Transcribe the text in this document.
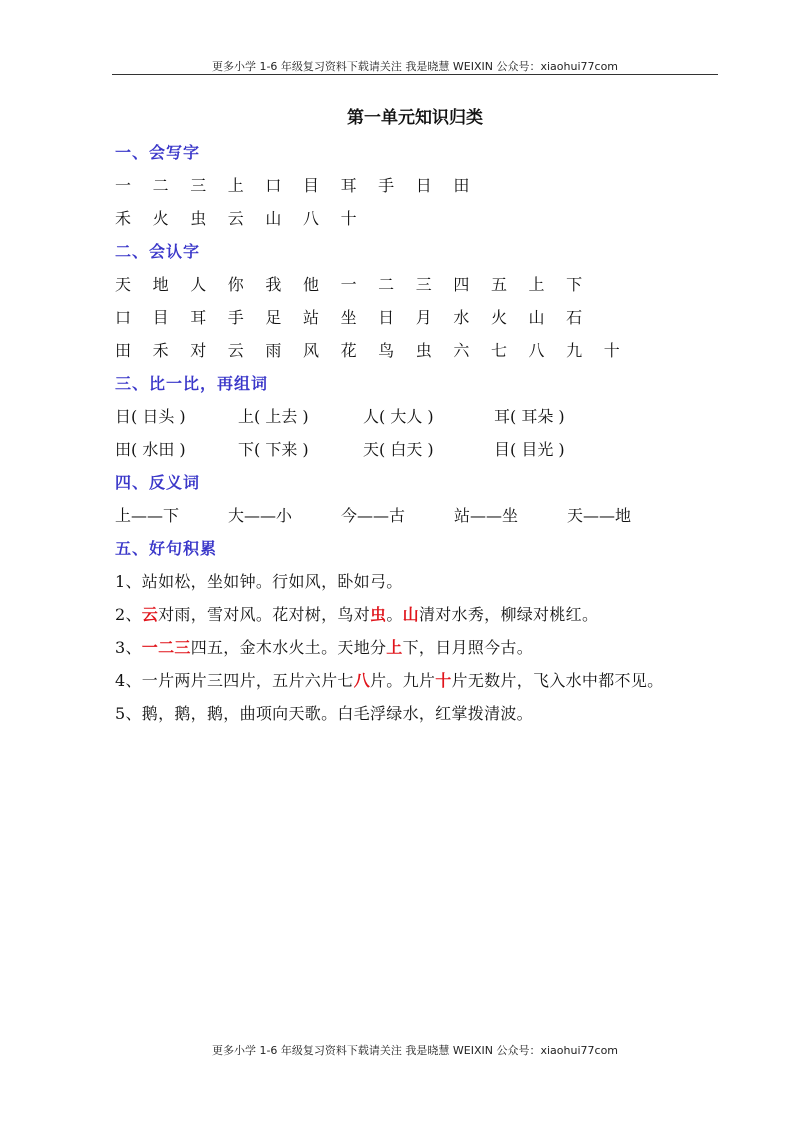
更多小学 1-6 年级复习资料下载请关注 我是晓慧 WEIXIN 公众号：xiaohui77com
第一单元知识归类
一、会写字
一 二 三 上 口 目 耳 手 日 田
禾 火 虫 云 山 八 十
二、会认字
天 地 人 你 我 他 一 二 三 四 五 上 下
口 目 耳 手 足 站 坐 日 月 水 火 山 石
田 禾 对 云 雨 风 花 鸟 虫 六 七 八 九 十
三、比一比，再组词
日( 日头 )	上( 上去 )	人( 大人 )	耳( 耳朵 )
田( 水田 )	下( 下来 )	天( 白天 )	目( 目光 )
四、反义词
上——下	大——小	今——古	站——坐	天——地
五、好句积累
1、站如松，坐如钟。行如风，卧如弓。
2、云对雨，雪对风。花对树，鸟对虫。山清对水秀，柳绿对桃红。
3、一二三四五，金木水火土。天地分上下，日月照今古。
4、一片两片三四片，五片六片七八片。九片十片无数片，飞入水中都不见。
5、鹅，鹅，鹅，曲项向天歌。白毛浮绿水，红掌拨清波。
更多小学 1-6 年级复习资料下载请关注 我是晓慧 WEIXIN 公众号：xiaohui77com
